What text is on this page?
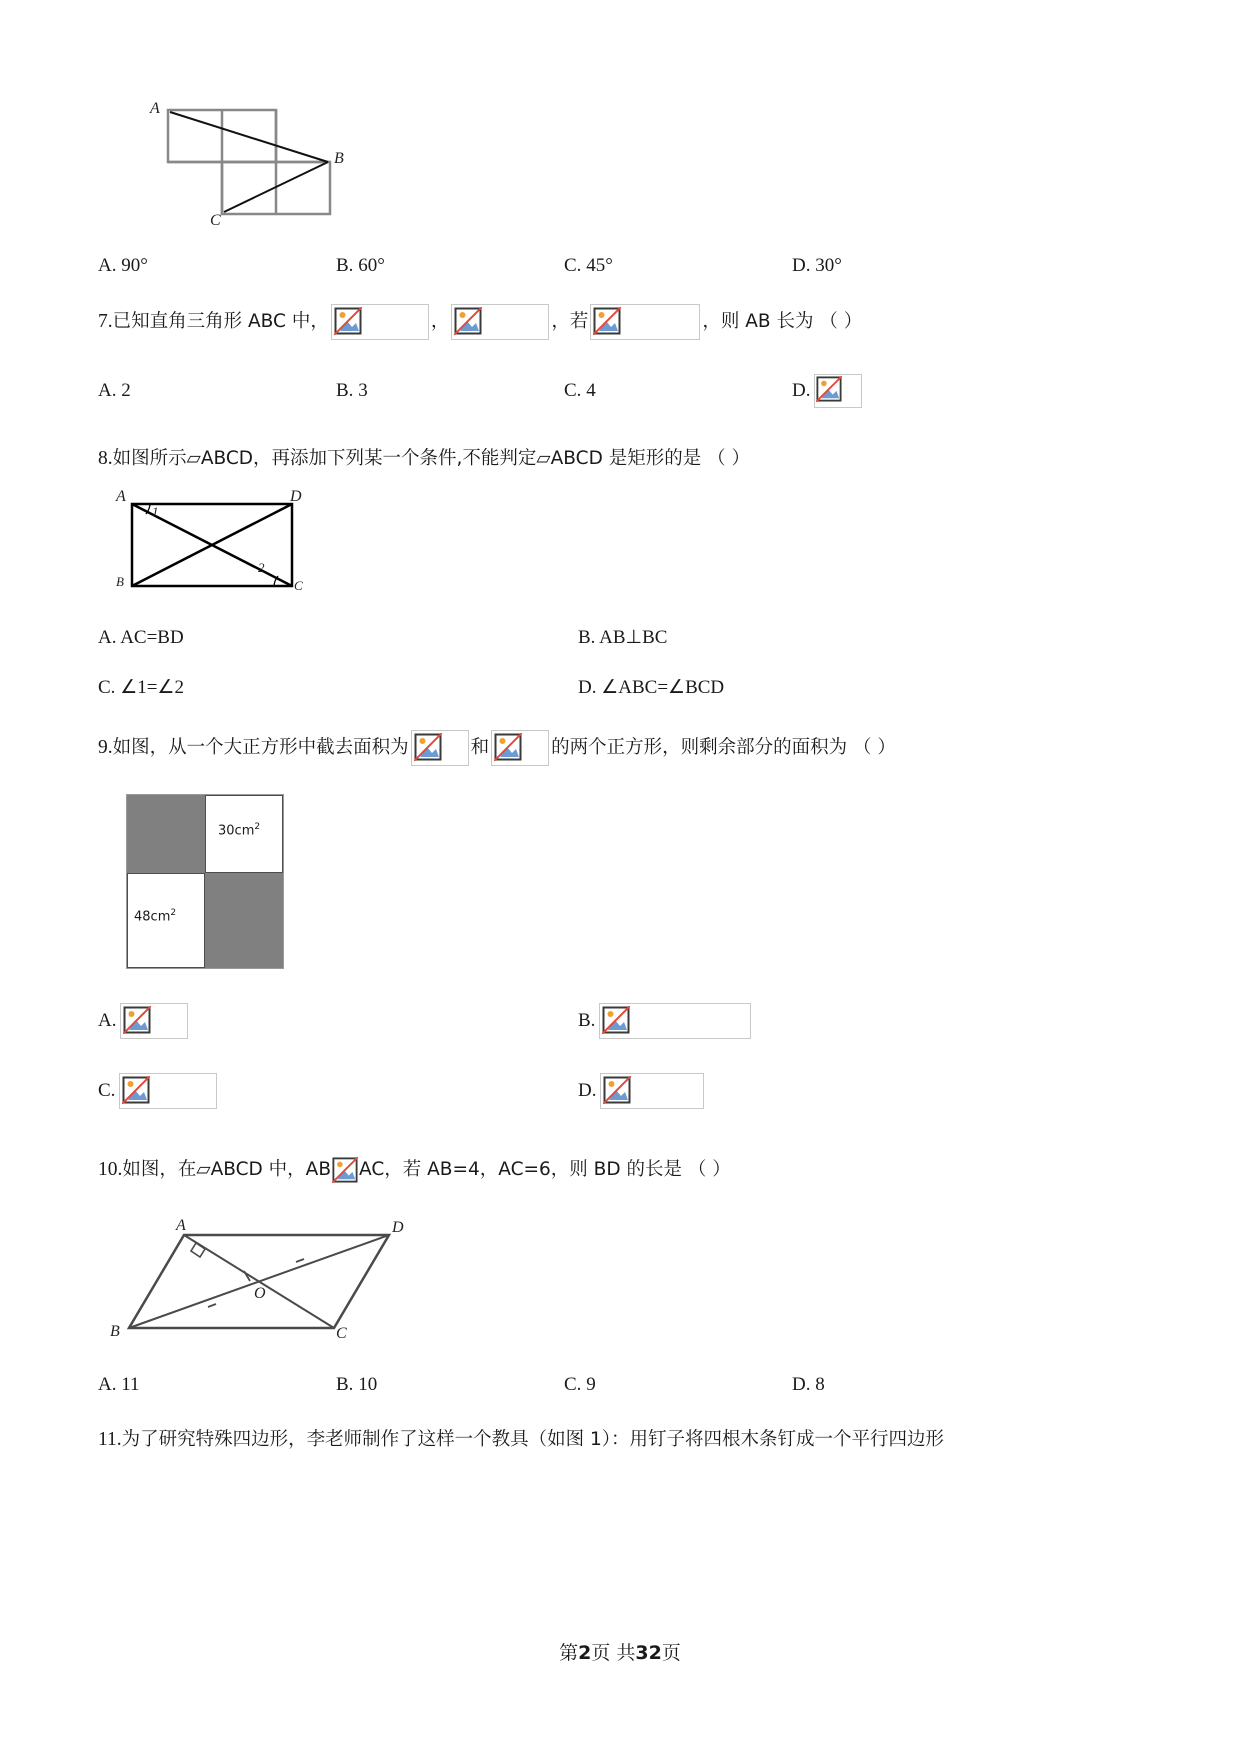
A
B
C
A. 90°	B. 60°	C. 45°	D. 30°
7. 已知直角三角形 ABC 中，	，	，若	，则 AB 长为 （ ）
A. 2	B. 3	C. 4	D.
8. 如图所示▱ABCD，再添加下列某一个条件,不能判定▱ABCD 是矩形的是 （ ）
A	D
B	C
1
2
A. AC=BD	B. AB⊥BC
C. ∠1=∠2	D. ∠ABC=∠BCD
9. 如图，从一个大正方形中截去面积为	和	的两个正方形，则剩余部分的面积为 （ ）
$30cm^2$
$48cm^2$
A.	B.
C.	D.
10. 如图，在▱ABCD 中，AB AC，若 AB=4，AC=6，则 BD 的长是 （ ）
A	D
B	C
O
A. 11	B. 10	C. 9	D. 8
11. 为了研究特殊四边形，李老师制作了这样一个教具（如图 1）：用钉子将四根木条钉成一个平行四边形
第2页 共32页
